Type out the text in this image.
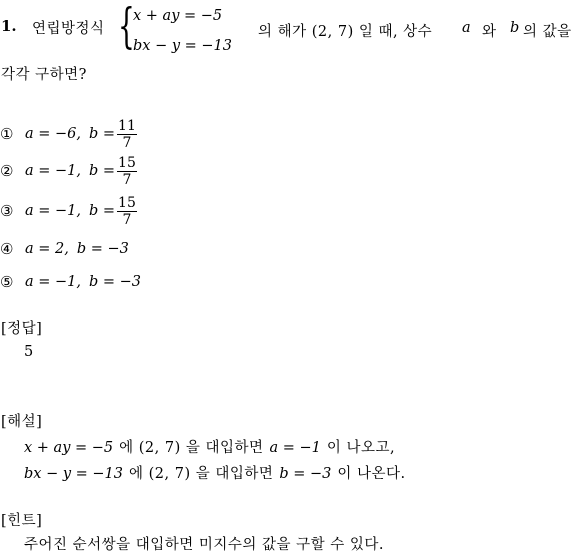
1. 연립방정식 {
x + ay = −5
bx − y = −13
의 해가 (2, 7) 일 때, 상수 a 와 b 의 값을
각각 구하면?
① a = −6, $b = \frac{11}{7}$
② a = −1, $b = \frac{15}{7}$
③ a = −1, $b = \frac{15}{7}$
④ a = 2, b = −3
⑤ a = −1, b = −3
[정답]
5
[해설]
x + ay = −5 에 (2, 7) 을 대입하면 a = −1 이 나오고,
bx − y = −13 에 (2, 7) 을 대입하면 b = −3 이 나온다.
[힌트]
주어진 순서쌍을 대입하면 미지수의 값을 구할 수 있다.
